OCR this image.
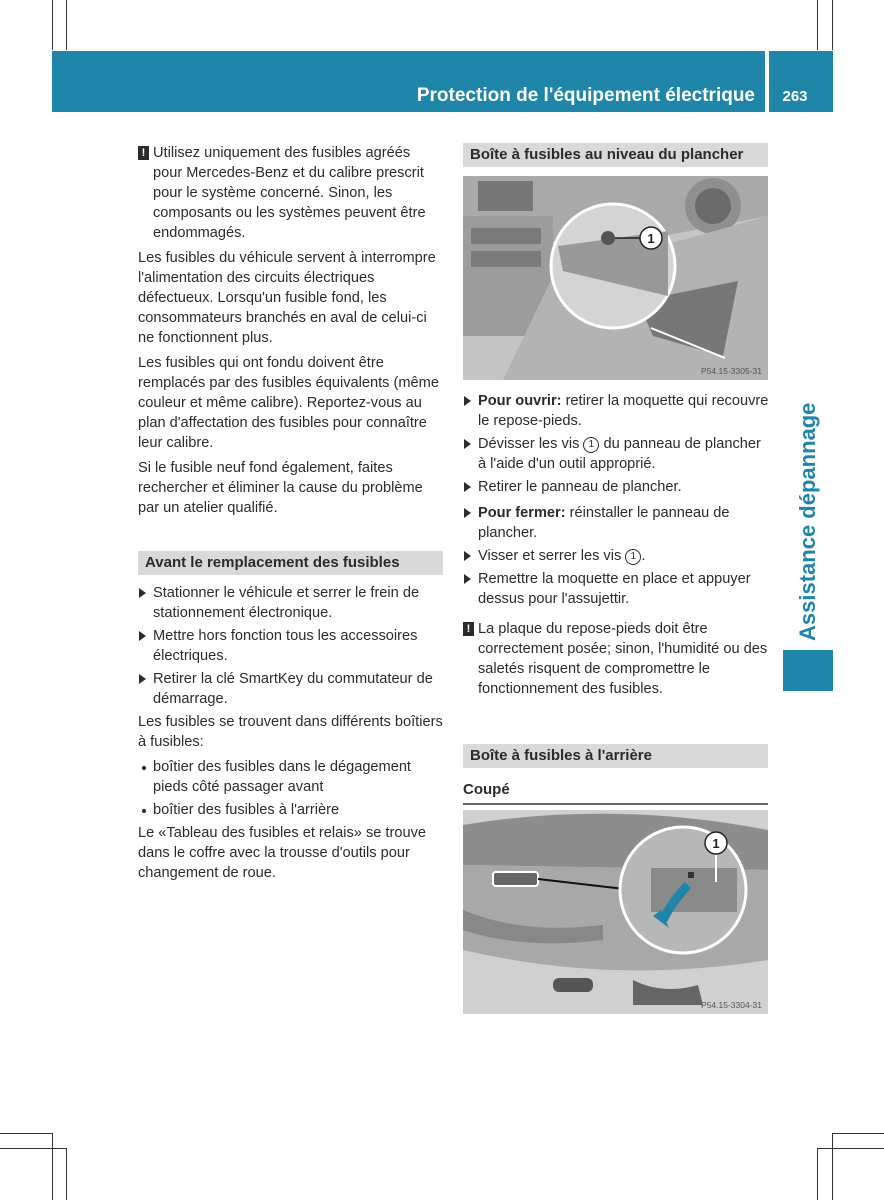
Protection de l'équipement électrique	263
Assistance dépannage
! Utilisez uniquement des fusibles agréés pour Mercedes-Benz et du calibre prescrit pour le système concerné. Sinon, les composants ou les systèmes peuvent être endommagés.

Les fusibles du véhicule servent à interrompre l'alimentation des circuits électriques défectueux. Lorsqu'un fusible fond, les consommateurs branchés en aval de celui-ci ne fonctionnent plus.

Les fusibles qui ont fondu doivent être remplacés par des fusibles équivalents (même couleur et même calibre). Reportez-vous au plan d'affectation des fusibles pour connaître leur calibre.

Si le fusible neuf fond également, faites rechercher et éliminer la cause du problème par un atelier qualifié.

Avant le remplacement des fusibles
Stationner le véhicule et serrer le frein de stationnement électronique.
Mettre hors fonction tous les accessoires électriques.
Retirer la clé SmartKey du commutateur de démarrage.

Les fusibles se trouvent dans différents boîtiers à fusibles:

boîtier des fusibles dans le dégagement pieds côté passager avant
boîtier des fusibles à l'arrière

Le «Tableau des fusibles et relais» se trouve dans le coffre avec la trousse d'outils pour changement de roue.

Boîte à fusibles au niveau du plancher
1
P54.15-3305-31
Pour ouvrir: retirer la moquette qui recouvre le repose-pieds.
Dévisser les vis 1 du panneau de plancher à l'aide d'un outil approprié.
Retirer le panneau de plancher.
Pour fermer: réinstaller le panneau de plancher.
Visser et serrer les vis 1 .
Remettre la moquette en place et appuyer dessus pour l'assujettir.
! La plaque du repose-pieds doit être correctement posée; sinon, l'humidité ou des saletés risquent de compromettre le fonctionnement des fusibles.
Boîte à fusibles à l'arrière
Coupé
1
P54.15-3304-31
